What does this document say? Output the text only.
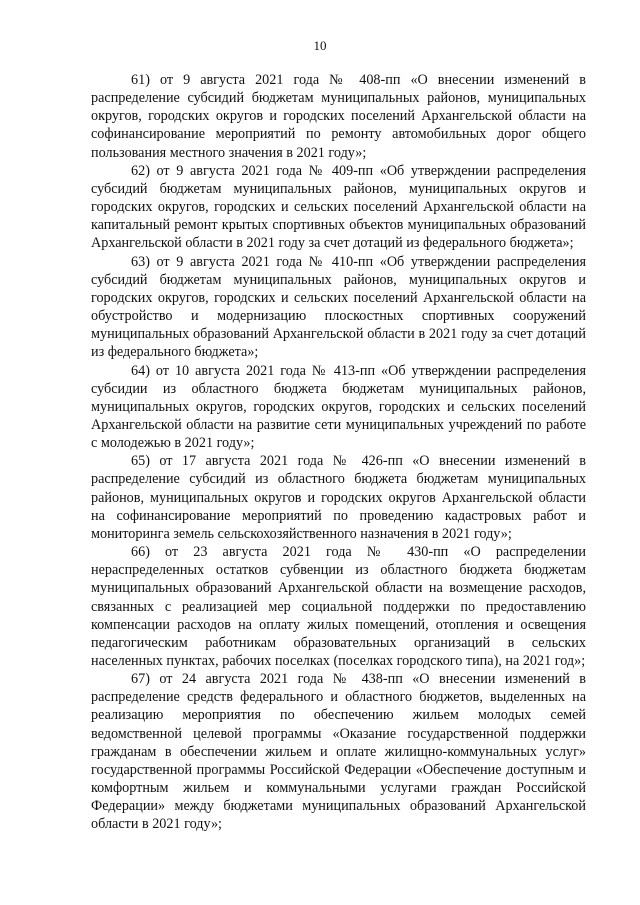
10

61) от 9 августа 2021 года № 408-пп «О внесении изменений в распределение субсидий бюджетам муниципальных районов, муниципальных округов, городских округов и городских поселений Архангельской области на софинансирование мероприятий по ремонту автомобильных дорог общего пользования местного значения в 2021 году»;

62) от 9 августа 2021 года № 409-пп «Об утверждении распределения субсидий бюджетам муниципальных районов, муниципальных округов и городских округов, городских и сельских поселений Архангельской области на капитальный ремонт крытых спортивных объектов муниципальных образований Архангельской области в 2021 году за счет дотаций из федерального бюджета»;

63) от 9 августа 2021 года № 410-пп «Об утверждении распределения субсидий бюджетам муниципальных районов, муниципальных округов и городских округов, городских и сельских поселений Архангельской области на обустройство и модернизацию плоскостных спортивных сооружений муниципальных образований Архангельской области в 2021 году за счет дотаций из федерального бюджета»;

64) от 10 августа 2021 года № 413-пп «Об утверждении распределения субсидии из областного бюджета бюджетам муниципальных районов, муниципальных округов, городских округов, городских и сельских поселений Архангельской области на развитие сети муниципальных учреждений по работе с молодежью в 2021 году»;

65) от 17 августа 2021 года № 426-пп «О внесении изменений в распределение субсидий из областного бюджета бюджетам муниципальных районов, муниципальных округов и городских округов Архангельской области на софинансирование мероприятий по проведению кадастровых работ и мониторинга земель сельскохозяйственного назначения в 2021 году»;

66) от 23 августа 2021 года № 430-пп «О распределении нераспределенных остатков субвенции из областного бюджета бюджетам муниципальных образований Архангельской области на возмещение расходов, связанных с реализацией мер социальной поддержки по предоставлению компенсации расходов на оплату жилых помещений, отопления и освещения педагогическим работникам образовательных организаций в сельских населенных пунктах, рабочих поселках (поселках городского типа), на 2021 год»;

67) от 24 августа 2021 года № 438-пп «О внесении изменений в распределение средств федерального и областного бюджетов, выделенных на реализацию мероприятия по обеспечению жильем молодых семей ведомственной целевой программы «Оказание государственной поддержки гражданам в обеспечении жильем и оплате жилищно-коммунальных услуг» государственной программы Российской Федерации «Обеспечение доступным и комфортным жильем и коммунальными услугами граждан Российской Федерации» между бюджетами муниципальных образований Архангельской области в 2021 году»;
